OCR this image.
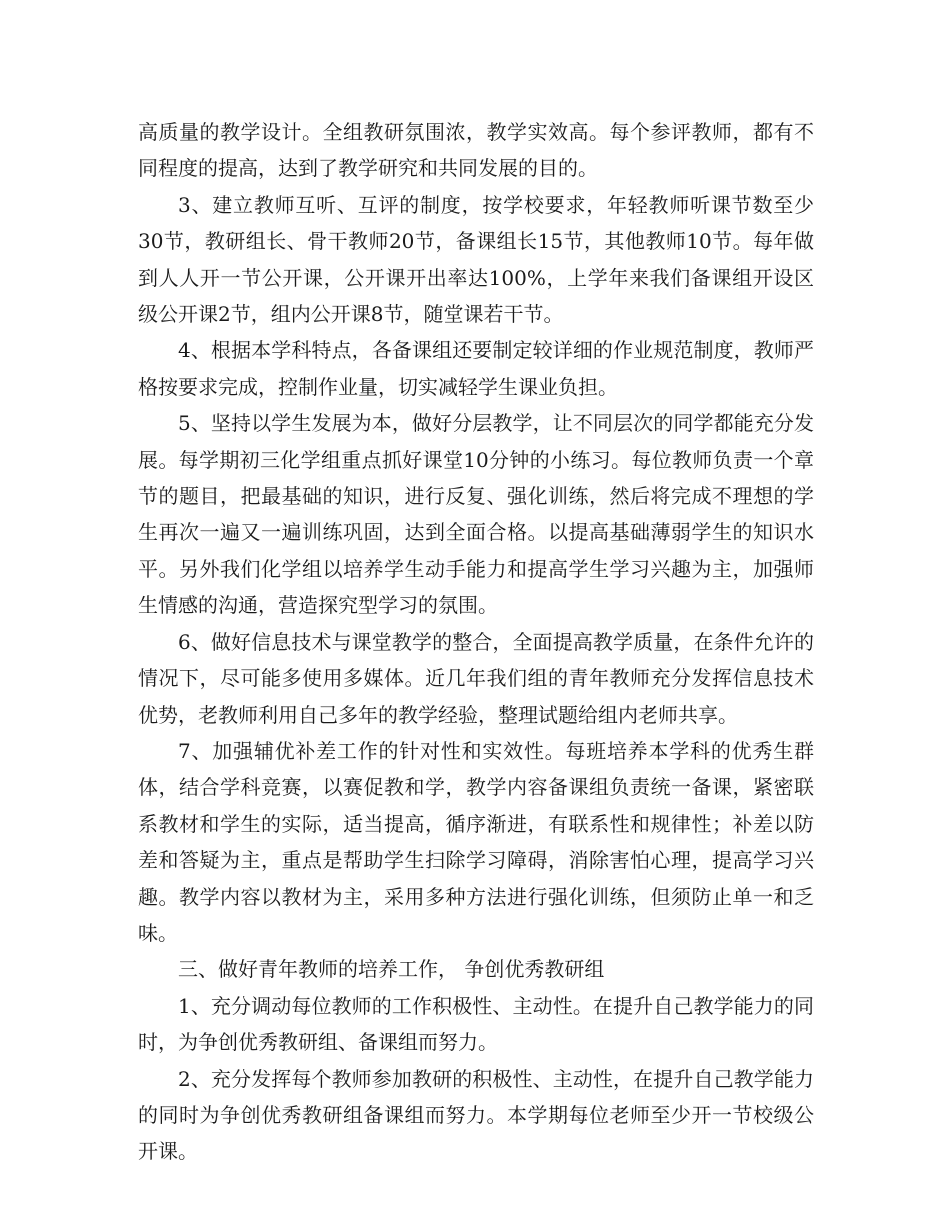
高质量的教学设计。全组教研氛围浓，教学实效高。每个参评教师，都有不同程度的提高，达到了教学研究和共同发展的目的。

3、建立教师互听、互评的制度，按学校要求，年轻教师听课节数至少30节，教研组长、骨干教师20节，备课组长15节，其他教师10节。每年做到人人开一节公开课，公开课开出率达100%，上学年来我们备课组开设区级公开课2节，组内公开课8节，随堂课若干节。

4、根据本学科特点，各备课组还要制定较详细的作业规范制度，教师严格按要求完成，控制作业量，切实减轻学生课业负担。

5、坚持以学生发展为本，做好分层教学，让不同层次的同学都能充分发展。每学期初三化学组重点抓好课堂10分钟的小练习。每位教师负责一个章节的题目，把最基础的知识，进行反复、强化训练，然后将完成不理想的学生再次一遍又一遍训练巩固，达到全面合格。以提高基础薄弱学生的知识水平。另外我们化学组以培养学生动手能力和提高学生学习兴趣为主，加强师生情感的沟通，营造探究型学习的氛围。

6、做好信息技术与课堂教学的整合，全面提高教学质量，在条件允许的情况下，尽可能多使用多媒体。近几年我们组的青年教师充分发挥信息技术优势，老教师利用自己多年的教学经验，整理试题给组内老师共享。

7、加强辅优补差工作的针对性和实效性。每班培养本学科的优秀生群体，结合学科竞赛，以赛促教和学，教学内容备课组负责统一备课，紧密联系教材和学生的实际，适当提高，循序渐进，有联系性和规律性；补差以防差和答疑为主，重点是帮助学生扫除学习障碍，消除害怕心理，提高学习兴趣。教学内容以教材为主，采用多种方法进行强化训练，但须防止单一和乏味。

三、做好青年教师的培养工作， 争创优秀教研组

1、充分调动每位教师的工作积极性、主动性。在提升自己教学能力的同时，为争创优秀教研组、备课组而努力。

2、充分发挥每个教师参加教研的积极性、主动性，在提升自己教学能力的同时为争创优秀教研组备课组而努力。本学期每位老师至少开一节校级公开课。
